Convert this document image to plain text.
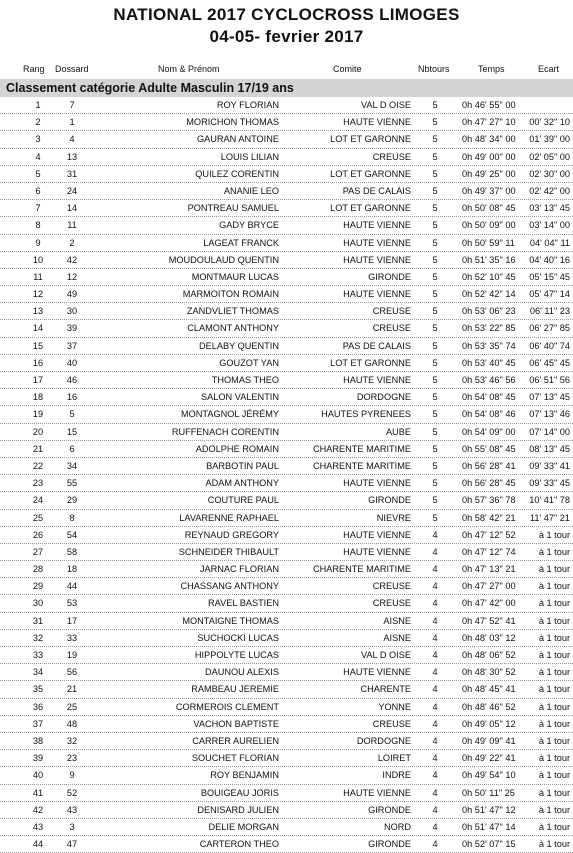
NATIONAL 2017 CYCLOCROSS LIMOGES
04-05- fevrier 2017
Rang Dossard	Nom & Prénom	Comite	Nbtours	Temps	Ecart
Classement catégorie Adulte Masculin 17/19 ans
1	7	ROY FLORIAN	VAL D OISE	5	0h 46' 55" 00
2	1	MORICHON THOMAS	HAUTE VIENNE	5	0h 47' 27" 10	00' 32" 10
3	4	GAURAN ANTOINE	LOT ET GARONNE	5	0h 48' 34" 00	01' 39" 00
4	13	LOUIS LILIAN	CREUSE	5	0h 49' 00" 00	02' 05" 00
5	31	QUILEZ CORENTIN	LOT ET GARONNE	5	0h 49' 25" 00	02' 30" 00
6	24	ANANIE LEO	PAS DE CALAIS	5	0h 49' 37" 00	02' 42" 00
7	14	PONTREAU SAMUEL	LOT ET GARONNE	5	0h 50' 08" 45	03' 13" 45
8	11	GADY BRYCE	HAUTE VIENNE	5	0h 50' 09" 00	03' 14" 00
9	2	LAGEAT FRANCK	HAUTE VIENNE	5	0h 50' 59" 11	04' 04" 11
10	42	MOUDOULAUD QUENTIN	HAUTE VIENNE	5	0h 51' 35" 16	04' 40" 16
11	12	MONTMAUR LUCAS	GIRONDE	5	0h 52' 10" 45	05' 15" 45
12	49	MARMOITON ROMAIN	HAUTE VIENNE	5	0h 52' 42" 14	05' 47" 14
13	30	ZANDVLIET THOMAS	CREUSE	5	0h 53' 06" 23	06' 11" 23
14	39	CLAMONT ANTHONY	CREUSE	5	0h 53' 22" 85	06' 27" 85
15	37	DELABY QUENTIN	PAS DE CALAIS	5	0h 53' 35" 74	06' 40" 74
16	40	GOUZOT YAN	LOT ET GARONNE	5	0h 53' 40" 45	06' 45" 45
17	46	THOMAS THEO	HAUTE VIENNE	5	0h 53' 46" 56	06' 51" 56
18	16	SALON VALENTIN	DORDOGNE	5	0h 54' 08" 45	07' 13" 45
19	5	MONTAGNOL JÉRÉMY	HAUTES PYRENEES	5	0h 54' 08" 46	07' 13" 46
20	15	RUFFENACH CORENTIN	AUBE	5	0h 54' 09" 00	07' 14" 00
21	6	ADOLPHE ROMAIN	CHARENTE MARITIME	5	0h 55' 08" 45	08' 13" 45
22	34	BARBOTIN PAUL	CHARENTE MARITIME	5	0h 56' 28" 41	09' 33" 41
23	55	ADAM ANTHONY	HAUTE VIENNE	5	0h 56' 28" 45	09' 33" 45
24	29	COUTURE PAUL	GIRONDE	5	0h 57' 36" 78	10' 41" 78
25	8	LAVARENNE RAPHAEL	NIEVRE	5	0h 58' 42" 21	11' 47" 21
26	54	REYNAUD GREGORY	HAUTE VIENNE	4	0h 47' 12" 52	à 1 tour
27	58	SCHNEIDER THIBAULT	HAUTE VIENNE	4	0h 47' 12" 74	à 1 tour
28	18	JARNAC FLORIAN	CHARENTE MARITIME	4	0h 47' 13" 21	à 1 tour
29	44	CHASSANG ANTHONY	CREUSE	4	0h 47' 27" 00	à 1 tour
30	53	RAVEL BASTIEN	CREUSE	4	0h 47' 42" 00	à 1 tour
31	17	MONTAIGNE THOMAS	AISNE	4	0h 47' 52" 41	à 1 tour
32	33	SUCHOCKI LUCAS	AISNE	4	0h 48' 03" 12	à 1 tour
33	19	HIPPOLYTE LUCAS	VAL D OISE	4	0h 48' 06" 52	à 1 tour
34	56	DAUNOU ALEXIS	HAUTE VIENNE	4	0h 48' 30" 52	à 1 tour
35	21	RAMBEAU JEREMIE	CHARENTE	4	0h 48' 45" 41	à 1 tour
36	25	CORMEROIS CLEMENT	YONNE	4	0h 48' 46" 52	à 1 tour
37	48	VACHON BAPTISTE	CREUSE	4	0h 49' 05" 12	à 1 tour
38	32	CARRER AURELIEN	DORDOGNE	4	0h 49' 09" 41	à 1 tour
39	23	SOUCHET FLORIAN	LOIRET	4	0h 49' 22" 41	à 1 tour
40	9	ROY BENJAMIN	INDRE	4	0h 49' 54" 10	à 1 tour
41	52	BOUIGEAU JORIS	HAUTE VIENNE	4	0h 50' 11" 25	à 1 tour
42	43	DENISARD JULIEN	GIRONDE	4	0h 51' 47" 12	à 1 tour
43	3	DELIE MORGAN	NORD	4	0h 51' 47" 14	à 1 tour
44	47	CARTERON THEO	GIRONDE	4	0h 52' 07" 15	à 1 tour
